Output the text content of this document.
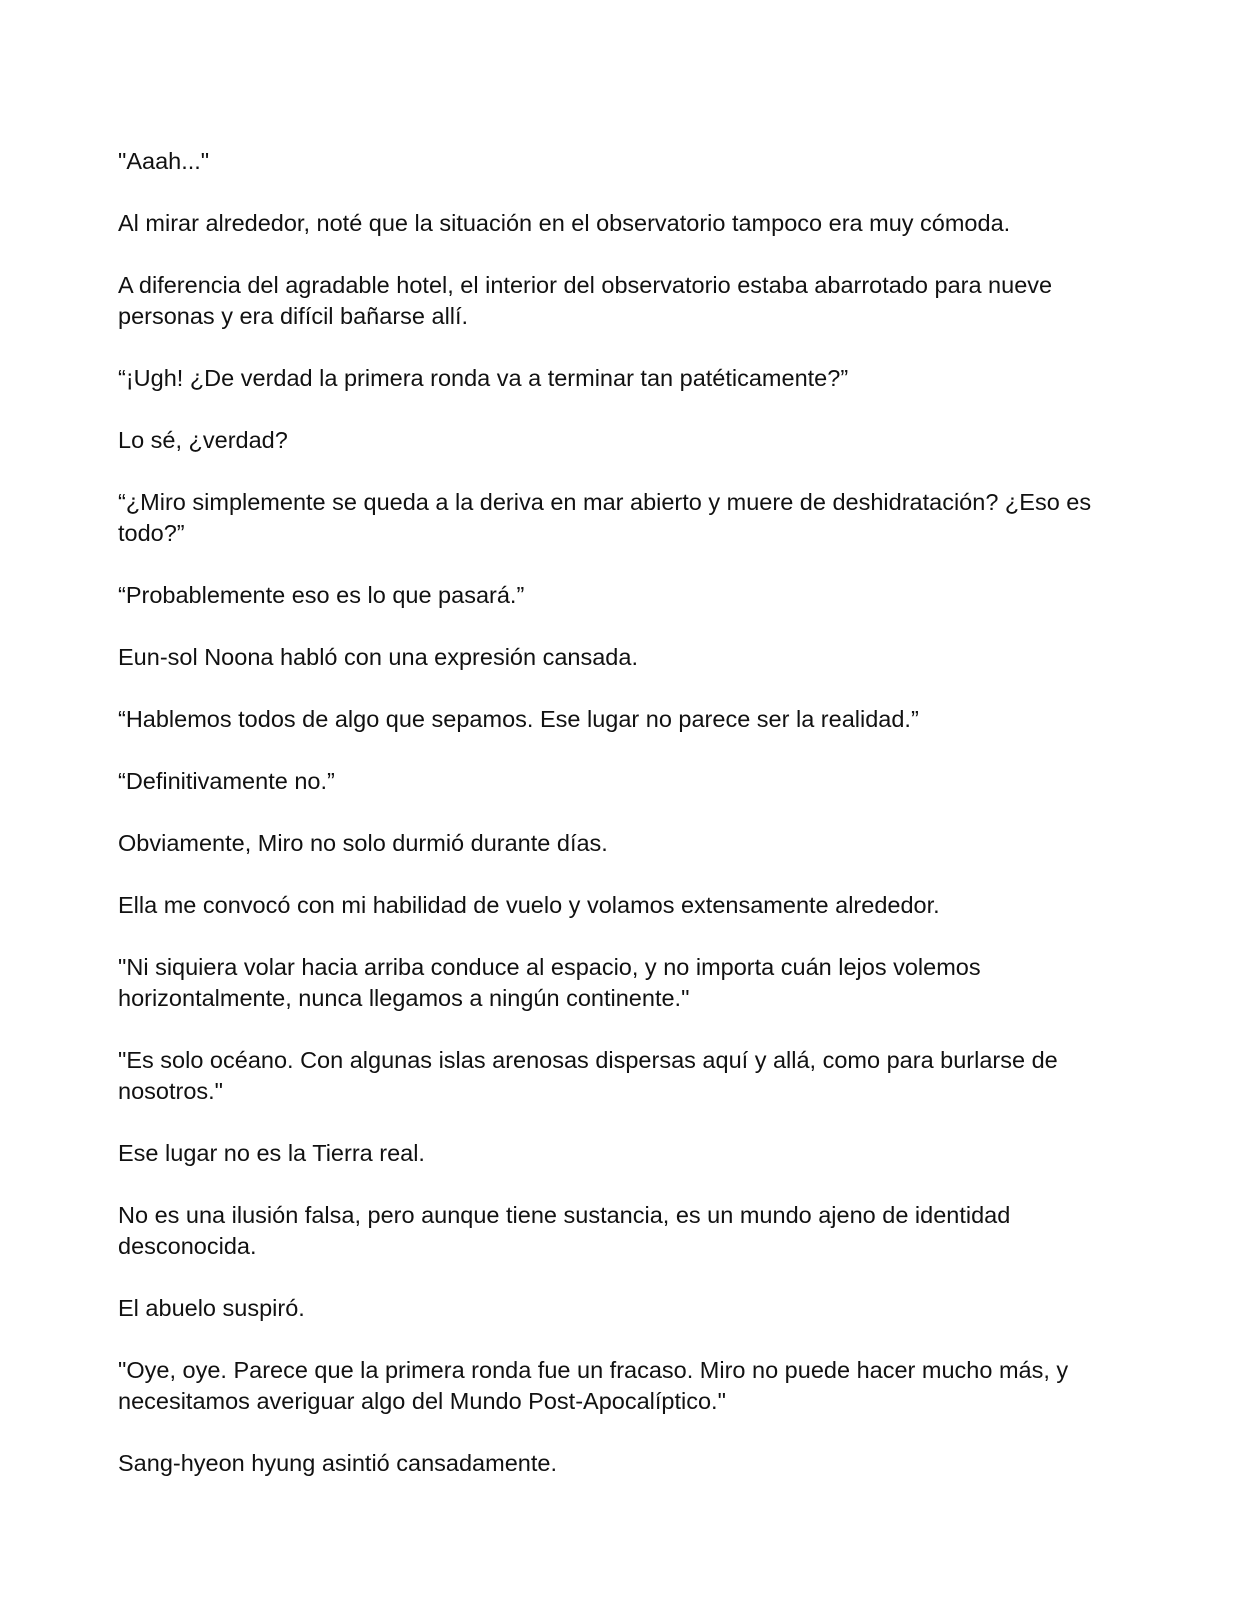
"Aaah..."

Al mirar alrededor, noté que la situación en el observatorio tampoco era muy cómoda.

A diferencia del agradable hotel, el interior del observatorio estaba abarrotado para nueve personas y era difícil bañarse allí.

“¡Ugh! ¿De verdad la primera ronda va a terminar tan patéticamente?”

Lo sé, ¿verdad?

“¿Miro simplemente se queda a la deriva en mar abierto y muere de deshidratación? ¿Eso es todo?”

“Probablemente eso es lo que pasará.”

Eun-sol Noona habló con una expresión cansada.

“Hablemos todos de algo que sepamos. Ese lugar no parece ser la realidad.”

“Definitivamente no.”

Obviamente, Miro no solo durmió durante días.

Ella me convocó con mi habilidad de vuelo y volamos extensamente alrededor.

"Ni siquiera volar hacia arriba conduce al espacio, y no importa cuán lejos volemos horizontalmente, nunca llegamos a ningún continente."

"Es solo océano. Con algunas islas arenosas dispersas aquí y allá, como para burlarse de nosotros."

Ese lugar no es la Tierra real.

No es una ilusión falsa, pero aunque tiene sustancia, es un mundo ajeno de identidad desconocida.

El abuelo suspiró.

"Oye, oye. Parece que la primera ronda fue un fracaso. Miro no puede hacer mucho más, y necesitamos averiguar algo del Mundo Post-Apocalíptico."

Sang-hyeon hyung asintió cansadamente.
